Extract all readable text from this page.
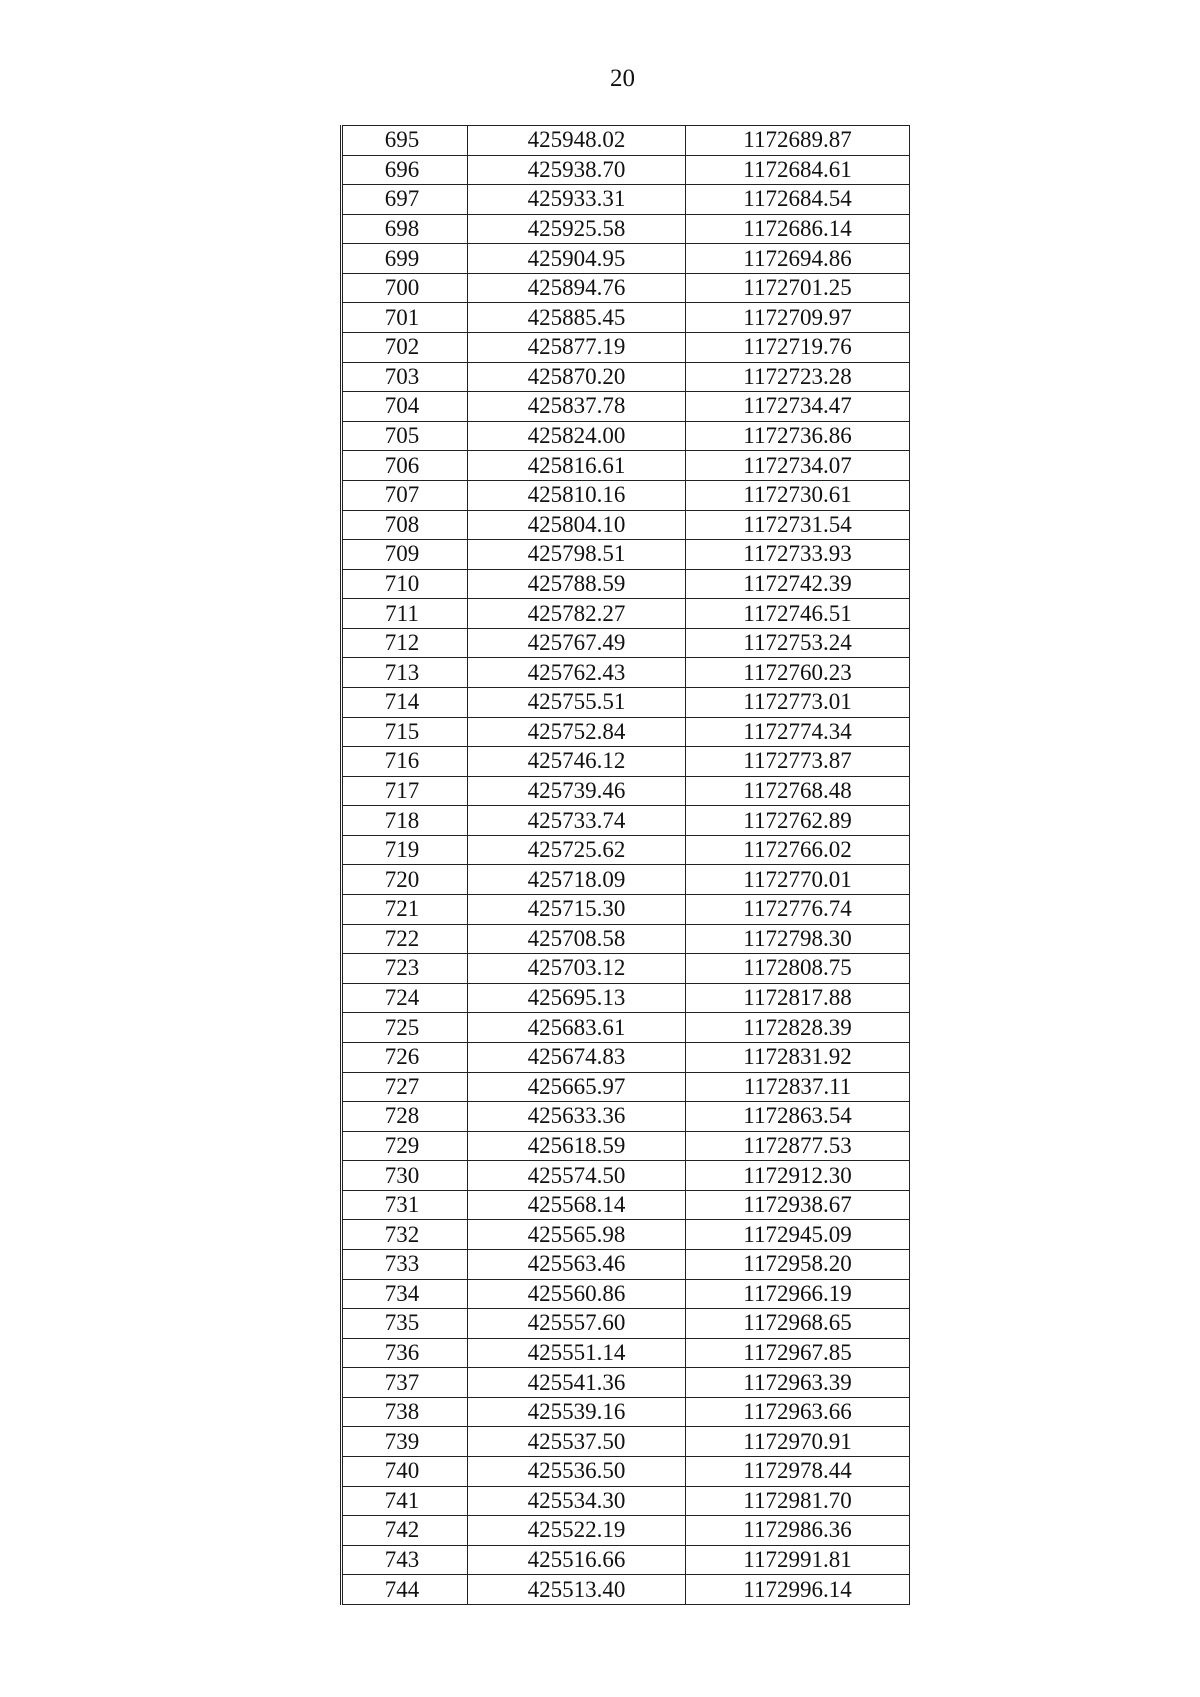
20
695	425948.02	1172689.87
696	425938.70	1172684.61
697	425933.31	1172684.54
698	425925.58	1172686.14
699	425904.95	1172694.86
700	425894.76	1172701.25
701	425885.45	1172709.97
702	425877.19	1172719.76
703	425870.20	1172723.28
704	425837.78	1172734.47
705	425824.00	1172736.86
706	425816.61	1172734.07
707	425810.16	1172730.61
708	425804.10	1172731.54
709	425798.51	1172733.93
710	425788.59	1172742.39
711	425782.27	1172746.51
712	425767.49	1172753.24
713	425762.43	1172760.23
714	425755.51	1172773.01
715	425752.84	1172774.34
716	425746.12	1172773.87
717	425739.46	1172768.48
718	425733.74	1172762.89
719	425725.62	1172766.02
720	425718.09	1172770.01
721	425715.30	1172776.74
722	425708.58	1172798.30
723	425703.12	1172808.75
724	425695.13	1172817.88
725	425683.61	1172828.39
726	425674.83	1172831.92
727	425665.97	1172837.11
728	425633.36	1172863.54
729	425618.59	1172877.53
730	425574.50	1172912.30
731	425568.14	1172938.67
732	425565.98	1172945.09
733	425563.46	1172958.20
734	425560.86	1172966.19
735	425557.60	1172968.65
736	425551.14	1172967.85
737	425541.36	1172963.39
738	425539.16	1172963.66
739	425537.50	1172970.91
740	425536.50	1172978.44
741	425534.30	1172981.70
742	425522.19	1172986.36
743	425516.66	1172991.81
744	425513.40	1172996.14
